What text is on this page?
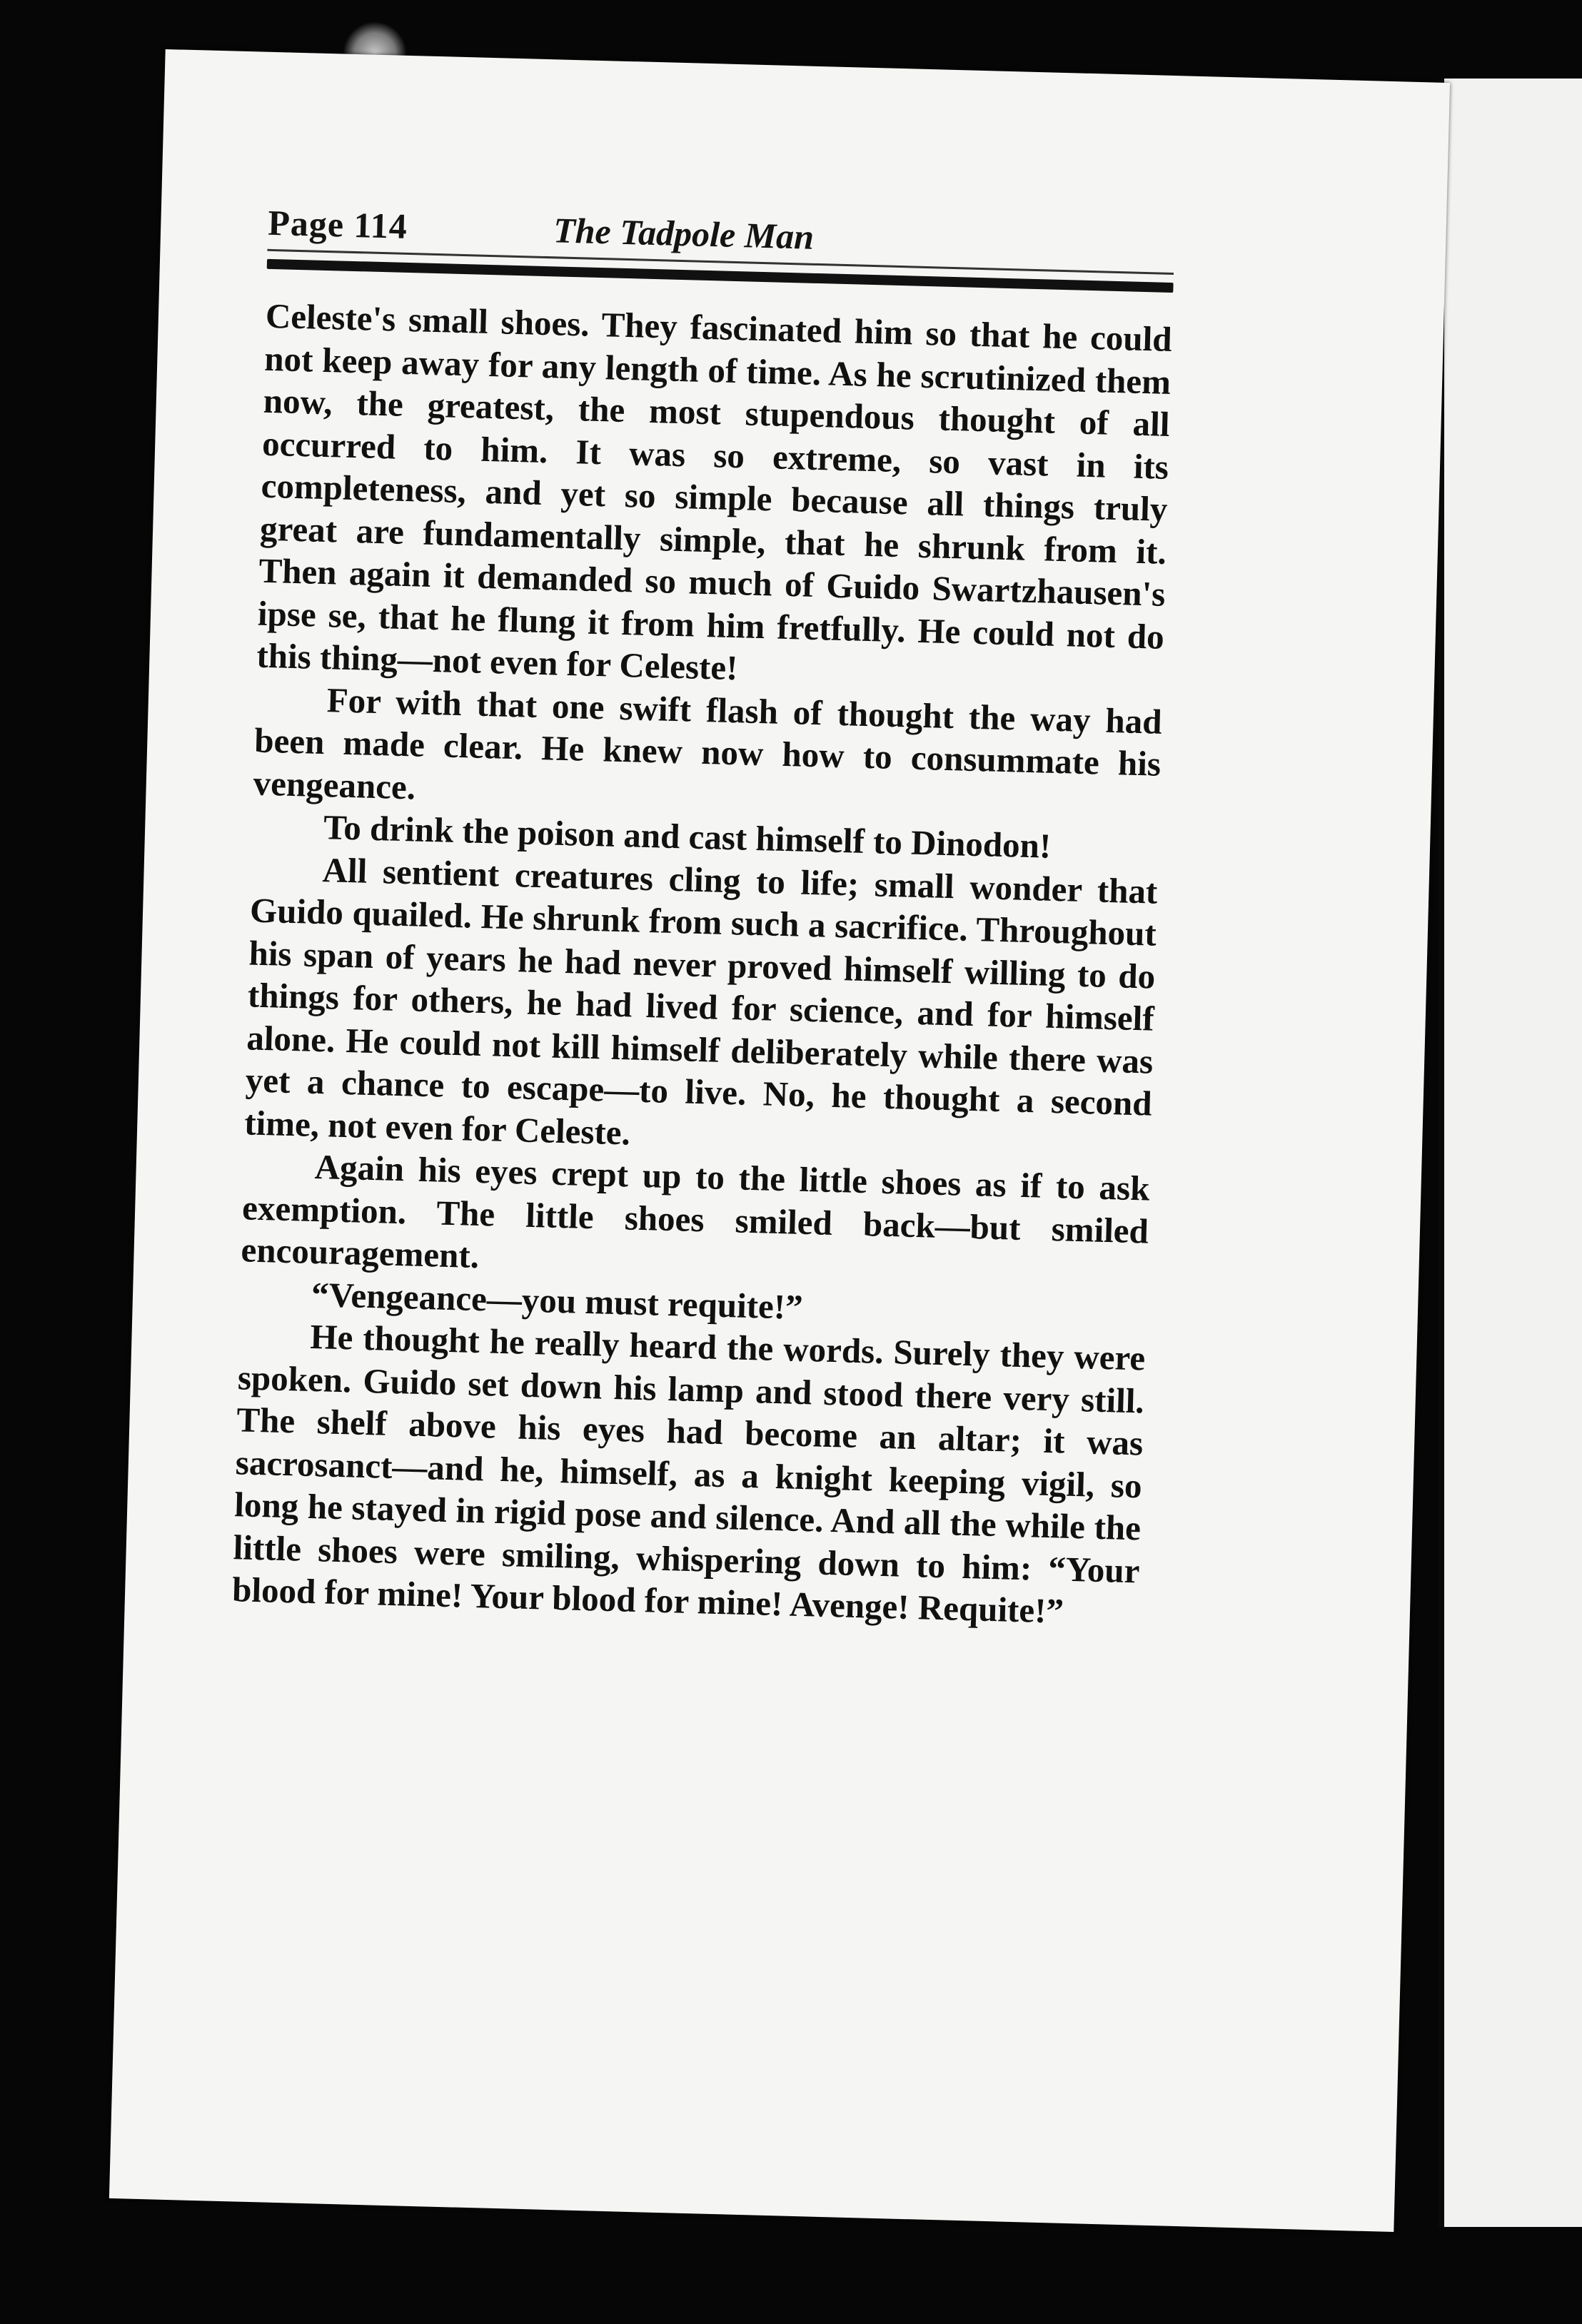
Page 114	The Tadpole Man

Celeste's small shoes. They fascinated him so that he could not keep away for any length of time. As he scrutinized them now, the greatest, the most stupendous thought of all occurred to him. It was so extreme, so vast in its completeness, and yet so simple because all things truly great are fundamentally simple, that he shrunk from it. Then again it demanded so much of Guido Swartzhausen's ipse se, that he flung it from him fretfully. He could not do this thing—not even for Celeste!

For with that one swift flash of thought the way had been made clear. He knew now how to consummate his vengeance.

To drink the poison and cast himself to Dinodon!

All sentient creatures cling to life; small wonder that Guido quailed. He shrunk from such a sacrifice. Throughout his span of years he had never proved himself willing to do things for others, he had lived for science, and for himself alone. He could not kill himself deliberately while there was yet a chance to escape—to live. No, he thought a second time, not even for Celeste.

Again his eyes crept up to the little shoes as if to ask exemption. The little shoes smiled back—but smiled encouragement.

“Vengeance—you must requite!”

He thought he really heard the words. Surely they were spoken. Guido set down his lamp and stood there very still. The shelf above his eyes had become an altar; it was sacrosanct—and he, himself, as a knight keeping vigil, so long he stayed in rigid pose and silence. And all the while the little shoes were smiling, whispering down to him: “Your blood for mine! Your blood for mine! Avenge! Requite!”
